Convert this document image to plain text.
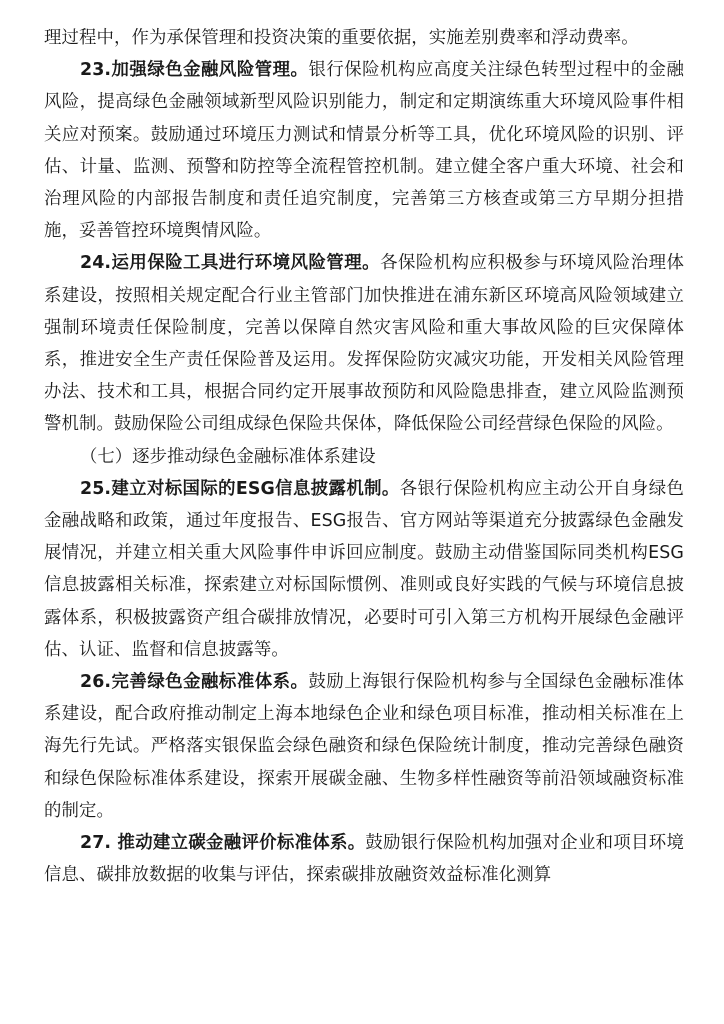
理过程中，作为承保管理和投资决策的重要依据，实施差别费率和浮动费率。

23.加强绿色金融风险管理。银行保险机构应高度关注绿色转型过程中的金融风险，提高绿色金融领域新型风险识别能力，制定和定期演练重大环境风险事件相关应对预案。鼓励通过环境压力测试和情景分析等工具，优化环境风险的识别、评估、计量、监测、预警和防控等全流程管控机制。建立健全客户重大环境、社会和治理风险的内部报告制度和责任追究制度，完善第三方核查或第三方早期分担措施，妥善管控环境舆情风险。

24.运用保险工具进行环境风险管理。各保险机构应积极参与环境风险治理体系建设，按照相关规定配合行业主管部门加快推进在浦东新区环境高风险领域建立强制环境责任保险制度，完善以保障自然灾害风险和重大事故风险的巨灾保障体系，推进安全生产责任保险普及运用。发挥保险防灾减灾功能，开发相关风险管理办法、技术和工具，根据合同约定开展事故预防和风险隐患排查，建立风险监测预警机制。鼓励保险公司组成绿色保险共保体，降低保险公司经营绿色保险的风险。

（七）逐步推动绿色金融标准体系建设

25.建立对标国际的ESG信息披露机制。各银行保险机构应主动公开自身绿色金融战略和政策，通过年度报告、ESG报告、官方网站等渠道充分披露绿色金融发展情况，并建立相关重大风险事件申诉回应制度。鼓励主动借鉴国际同类机构ESG信息披露相关标准，探索建立对标国际惯例、准则或良好实践的气候与环境信息披露体系，积极披露资产组合碳排放情况，必要时可引入第三方机构开展绿色金融评估、认证、监督和信息披露等。

26.完善绿色金融标准体系。鼓励上海银行保险机构参与全国绿色金融标准体系建设，配合政府推动制定上海本地绿色企业和绿色项目标准，推动相关标准在上海先行先试。严格落实银保监会绿色融资和绿色保险统计制度，推动完善绿色融资和绿色保险标准体系建设，探索开展碳金融、生物多样性融资等前沿领域融资标准的制定。

27. 推动建立碳金融评价标准体系。鼓励银行保险机构加强对企业和项目环境信息、碳排放数据的收集与评估，探索碳排放融资效益标准化测算
